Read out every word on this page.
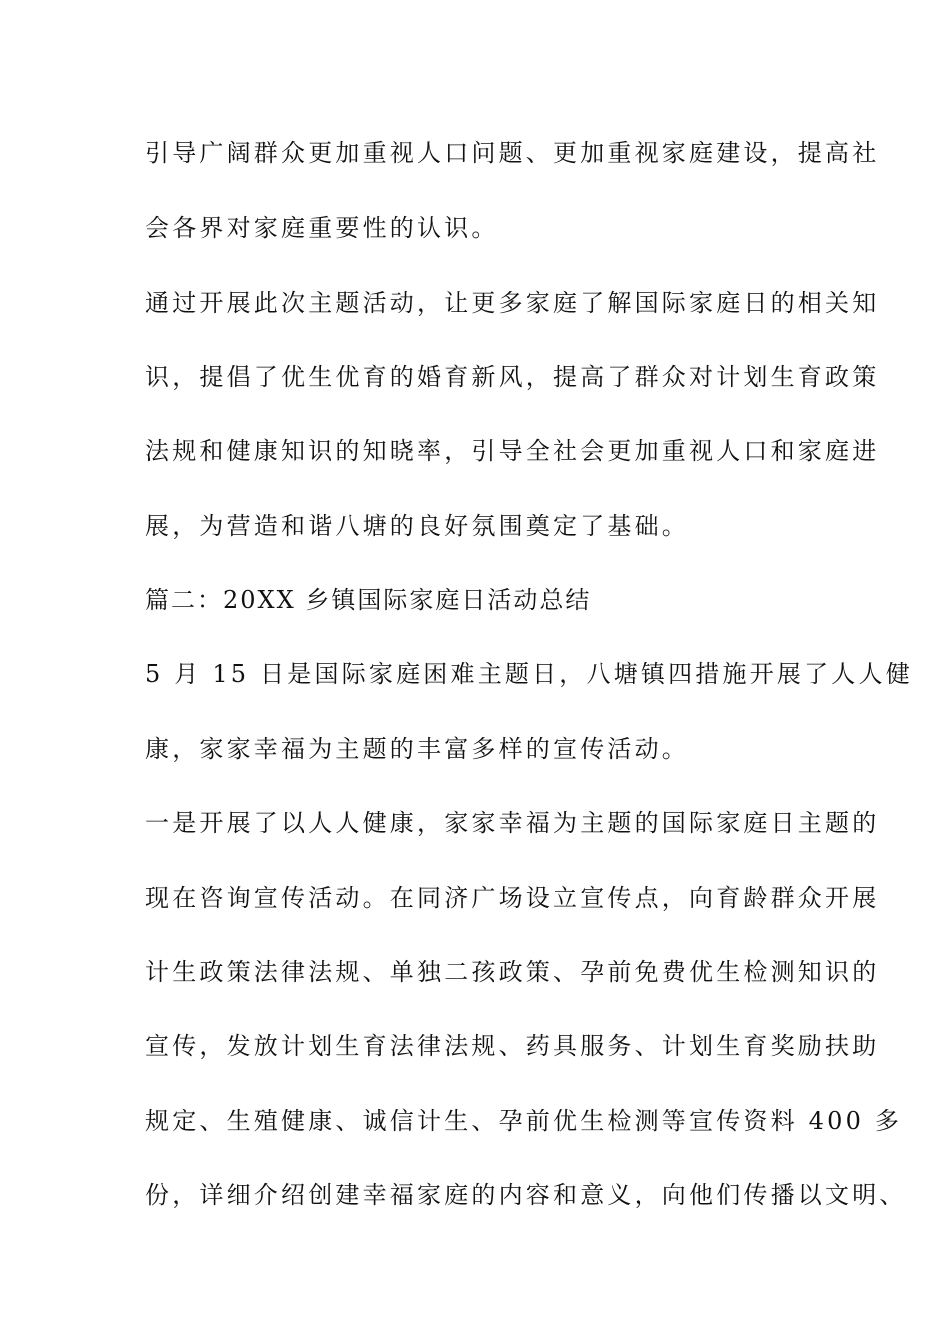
引导广阔群众更加重视人口问题、更加重视家庭建设，提高社
会各界对家庭重要性的认识。
通过开展此次主题活动，让更多家庭了解国际家庭日的相关知
识，提倡了优生优育的婚育新风，提高了群众对计划生育政策
法规和健康知识的知晓率，引导全社会更加重视人口和家庭进
展，为营造和谐八塘的良好氛围奠定了基础。
篇二：20XX 乡镇国际家庭日活动总结
5 月 15 日是国际家庭困难主题日，八塘镇四措施开展了人人健
康，家家幸福为主题的丰富多样的宣传活动。
一是开展了以人人健康，家家幸福为主题的国际家庭日主题的
现在咨询宣传活动。在同济广场设立宣传点，向育龄群众开展
计生政策法律法规、单独二孩政策、孕前免费优生检测知识的
宣传，发放计划生育法律法规、药具服务、计划生育奖励扶助
规定、生殖健康、诚信计生、孕前优生检测等宣传资料 400 多
份，详细介绍创建幸福家庭的内容和意义，向他们传播以文明、
